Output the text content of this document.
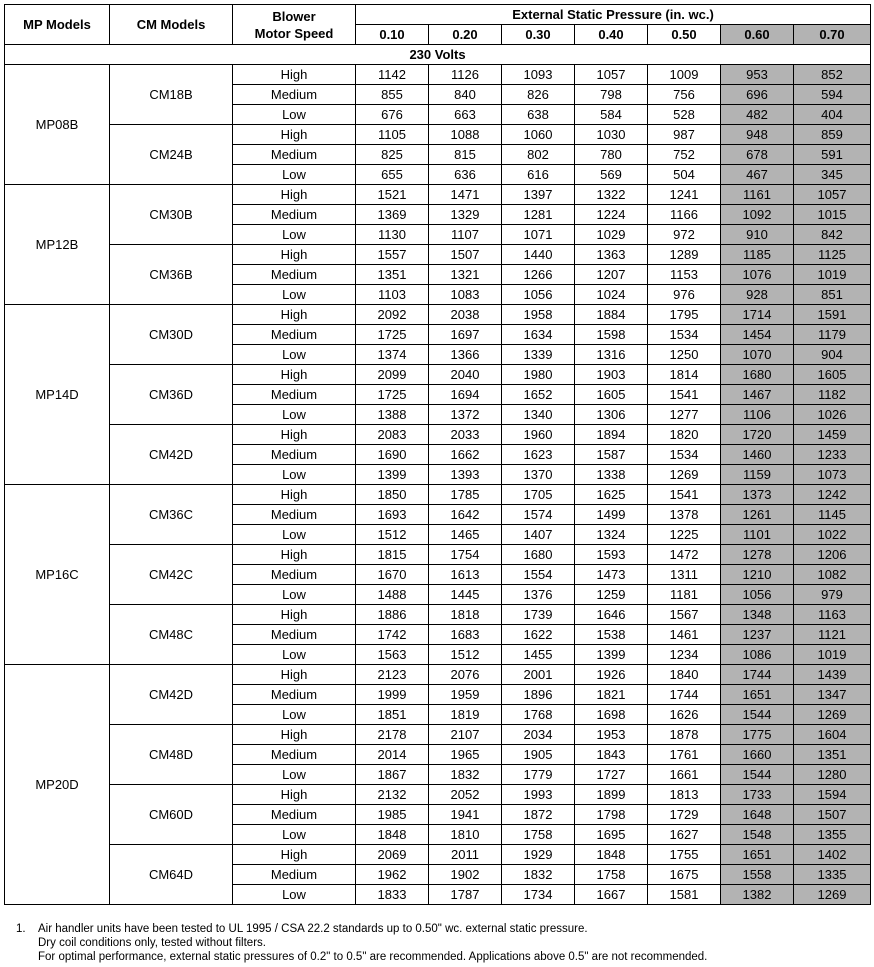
MP Models	CM Models	Blower
Motor Speed	External Static Pressure (in. wc.)						
			0.10	0.20	0.30	0.40	0.50	0.60	0.70
230 Volts									
MP08B	CM18B	High	1142	1126	1093	1057	1009	953	852
		Medium	855	840	826	798	756	696	594
		Low	676	663	638	584	528	482	404
	CM24B	High	1105	1088	1060	1030	987	948	859
		Medium	825	815	802	780	752	678	591
		Low	655	636	616	569	504	467	345
MP12B	CM30B	High	1521	1471	1397	1322	1241	1161	1057
		Medium	1369	1329	1281	1224	1166	1092	1015
		Low	1130	1107	1071	1029	972	910	842
	CM36B	High	1557	1507	1440	1363	1289	1185	1125
		Medium	1351	1321	1266	1207	1153	1076	1019
		Low	1103	1083	1056	1024	976	928	851
MP14D	CM30D	High	2092	2038	1958	1884	1795	1714	1591
		Medium	1725	1697	1634	1598	1534	1454	1179
		Low	1374	1366	1339	1316	1250	1070	904
	CM36D	High	2099	2040	1980	1903	1814	1680	1605
		Medium	1725	1694	1652	1605	1541	1467	1182
		Low	1388	1372	1340	1306	1277	1106	1026
	CM42D	High	2083	2033	1960	1894	1820	1720	1459
		Medium	1690	1662	1623	1587	1534	1460	1233
		Low	1399	1393	1370	1338	1269	1159	1073
MP16C	CM36C	High	1850	1785	1705	1625	1541	1373	1242
		Medium	1693	1642	1574	1499	1378	1261	1145
		Low	1512	1465	1407	1324	1225	1101	1022
	CM42C	High	1815	1754	1680	1593	1472	1278	1206
		Medium	1670	1613	1554	1473	1311	1210	1082
		Low	1488	1445	1376	1259	1181	1056	979
	CM48C	High	1886	1818	1739	1646	1567	1348	1163
		Medium	1742	1683	1622	1538	1461	1237	1121
		Low	1563	1512	1455	1399	1234	1086	1019
MP20D	CM42D	High	2123	2076	2001	1926	1840	1744	1439
		Medium	1999	1959	1896	1821	1744	1651	1347
		Low	1851	1819	1768	1698	1626	1544	1269
	CM48D	High	2178	2107	2034	1953	1878	1775	1604
		Medium	2014	1965	1905	1843	1761	1660	1351
		Low	1867	1832	1779	1727	1661	1544	1280
	CM60D	High	2132	2052	1993	1899	1813	1733	1594
		Medium	1985	1941	1872	1798	1729	1648	1507
		Low	1848	1810	1758	1695	1627	1548	1355
	CM64D	High	2069	2011	1929	1848	1755	1651	1402
		Medium	1962	1902	1832	1758	1675	1558	1335
		Low	1833	1787	1734	1667	1581	1382	1269
1. Air handler units have been tested to UL 1995 / CSA 22.2 standards up to 0.50" wc. external static pressure.
Dry coil conditions only, tested without filters.
For optimal performance, external static pressures of 0.2" to 0.5" are recommended. Applications above 0.5" are not recommended.
